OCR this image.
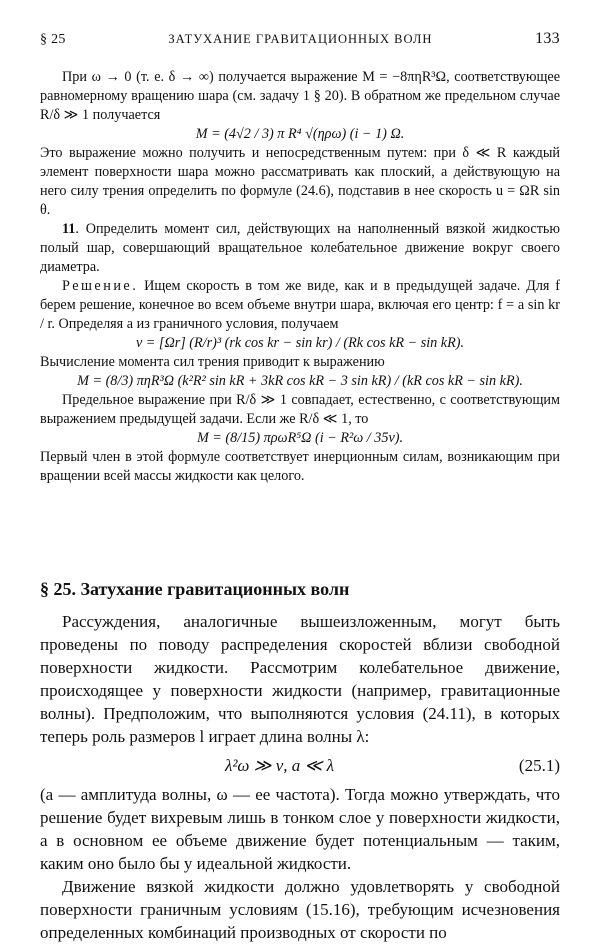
§ 25	ЗАТУХАНИЕ ГРАВИТАЦИОННЫХ ВОЛН	133

При ω → 0 (т. е. δ → ∞) получается выражение M = −8πηR³Ω, соответствующее равномерному вращению шара (см. задачу 1 § 20). В обратном же предельном случае R/δ ≫ 1 получается

M = (4√2 / 3) π R⁴ √(ηρω) (i − 1) Ω.

Это выражение можно получить и непосредственным путем: при δ ≪ R каждый элемент поверхности шара можно рассматривать как плоский, а действующую на него силу трения определить по формуле (24.6), подставив в нее скорость u = ΩR sin θ.

11. Определить момент сил, действующих на наполненный вязкой жидкостью полый шар, совершающий вращательное колебательное движение вокруг своего диаметра.

Решение. Ищем скорость в том же виде, как и в предыдущей задаче. Для f берем решение, конечное во всем объеме внутри шара, включая его центр: f = a sin kr / r. Определяя a из граничного условия, получаем

v = [Ωr] (R/r)³ (rk cos kr − sin kr) / (Rk cos kR − sin kR).

Вычисление момента сил трения приводит к выражению

M = (8/3) πηR³Ω (k²R² sin kR + 3kR cos kR − 3 sin kR) / (kR cos kR − sin kR).

Предельное выражение при R/δ ≫ 1 совпадает, естественно, с соответствующим выражением предыдущей задачи. Если же R/δ ≪ 1, то

M = (8/15) πρωR⁵Ω (i − R²ω / 35ν).

Первый член в этой формуле соответствует инерционным силам, возникающим при вращении всей массы жидкости как целого.

§ 25. Затухание гравитационных волн

Рассуждения, аналогичные вышеизложенным, могут быть проведены по поводу распределения скоростей вблизи свободной поверхности жидкости. Рассмотрим колебательное движение, происходящее у поверхности жидкости (например, гравитационные волны). Предположим, что выполняются условия (24.11), в которых теперь роль размеров l играет длина волны λ:

λ²ω ≫ ν, a ≪ λ	(25.1)

(a — амплитуда волны, ω — ее частота). Тогда можно утверждать, что решение будет вихревым лишь в тонком слое у поверхности жидкости, а в основном ее объеме движение будет потенциальным — таким, каким оно было бы у идеальной жидкости.

Движение вязкой жидкости должно удовлетворять у свободной поверхности граничным условиям (15.16), требующим исчезновения определенных комбинаций производных от скорости по
